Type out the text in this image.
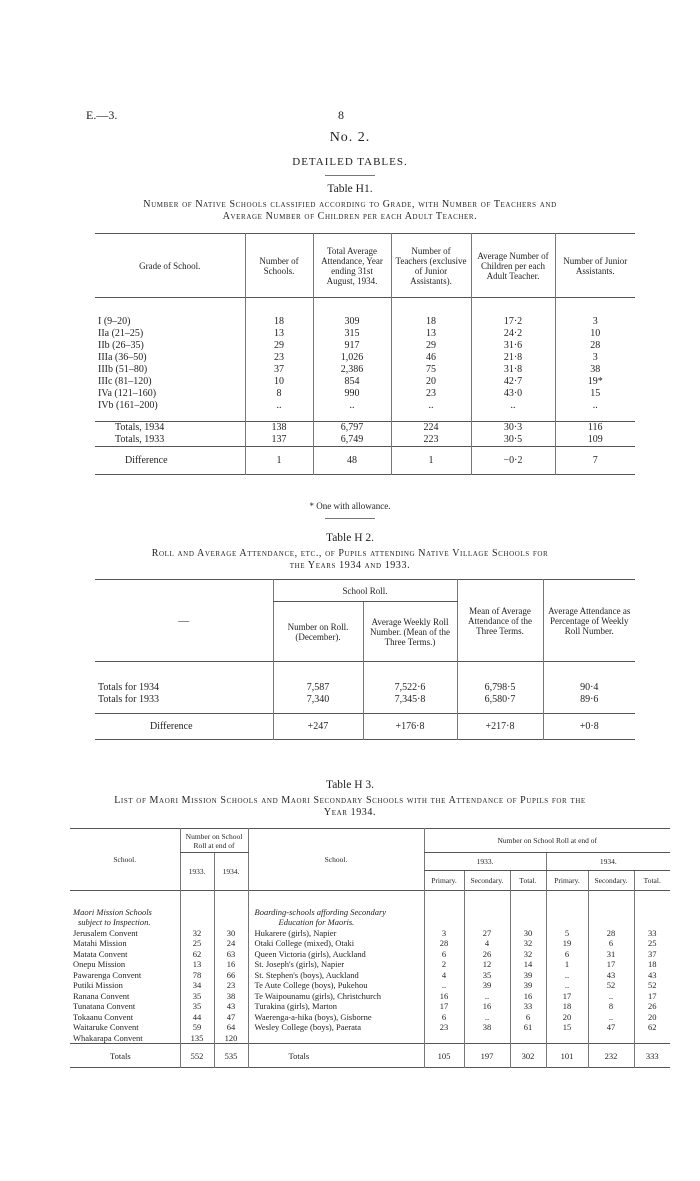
E.—3.	8
No. 2.
DETAILED TABLES.
Table H1.
Number of Native Schools classified according to Grade, with Number of Teachers and
Average Number of Children per each Adult Teacher.
Grade of School.	Number of Schools.	Total Average Attendance, Year ending 31st August, 1934.	Number of Teachers (exclusive of Junior Assistants).	Average Number of Children per each Adult Teacher.	Number of Junior Assistants.

I (9–20)	18	309	18	17·2	3
IIa (21–25)	13	315	13	24·2	10
IIb (26–35)	29	917	29	31·6	28
IIIa (36–50)	23	1,026	46	21·8	3
IIIb (51–80)	37	2,386	75	31·8	38
IIIc (81–120)	10	854	20	42·7	19*
IVa (121–160)	8	990	23	43·0	15
IVb (161–200)	..	..	..	..	..

Totals, 1934	138	6,797	224	30·3	116
Totals, 1933	137	6,749	223	30·5	109
Difference	1	48	1	−0·2	7
* One with allowance.
Table H 2.
Roll and Average Attendance, etc., of Pupils attending Native Village Schools for
the Years 1934 and 1933.
—	School Roll.		Mean of Average Attendance of the Three Terms.	Average Attendance as Percentage of Weekly Roll Number.
	Number on Roll. (December).	Average Weekly Roll Number. (Mean of the Three Terms.)		

Totals for 1934	7,587	7,522·6	6,798·5	90·4
Totals for 1933	7,340	7,345·8	6,580·7	89·6

Difference	+247	+176·8	+217·8	+0·8
Table H 3.
List of Maori Mission Schools and Maori Secondary Schools with the Attendance of Pupils for the
Year 1934.
School.	Number on School Roll at end of		School.	Number on School Roll at end of					
	1933.	1934.		1933.			1934.		
				Primary.	Secondary.	Total.	Primary.	Secondary.	Total.

Maori Mission Schools			Boarding-schools affording Secondary						
subject to Inspection.			Education for Maoris.						
Jerusalem Convent	32	30	Hukarere (girls), Napier	3	27	30	5	28	33
Matahi Mission	25	24	Otaki College (mixed), Otaki	28	4	32	19	6	25
Matata Convent	62	63	Queen Victoria (girls), Auckland	6	26	32	6	31	37
Onepu Mission	13	16	St. Joseph's (girls), Napier	2	12	14	1	17	18
Pawarenga Convent	78	66	St. Stephen's (boys), Auckland	4	35	39	..	43	43
Putiki Mission	34	23	Te Aute College (boys), Pukehou	..	39	39	..	52	52
Ranana Convent	35	38	Te Waipounamu (girls), Christchurch	16	..	16	17	..	17
Tunatana Convent	35	43	Turakina (girls), Marton	17	16	33	18	8	26
Tokaanu Convent	44	47	Waerenga-a-hika (boys), Gisborne	6	..	6	20	..	20
Waitaruke Convent	59	64	Wesley College (boys), Paerata	23	38	61	15	47	62
Whakarapa Convent	135	120							
Totals	552	535	Totals	105	197	302	101	232	333
